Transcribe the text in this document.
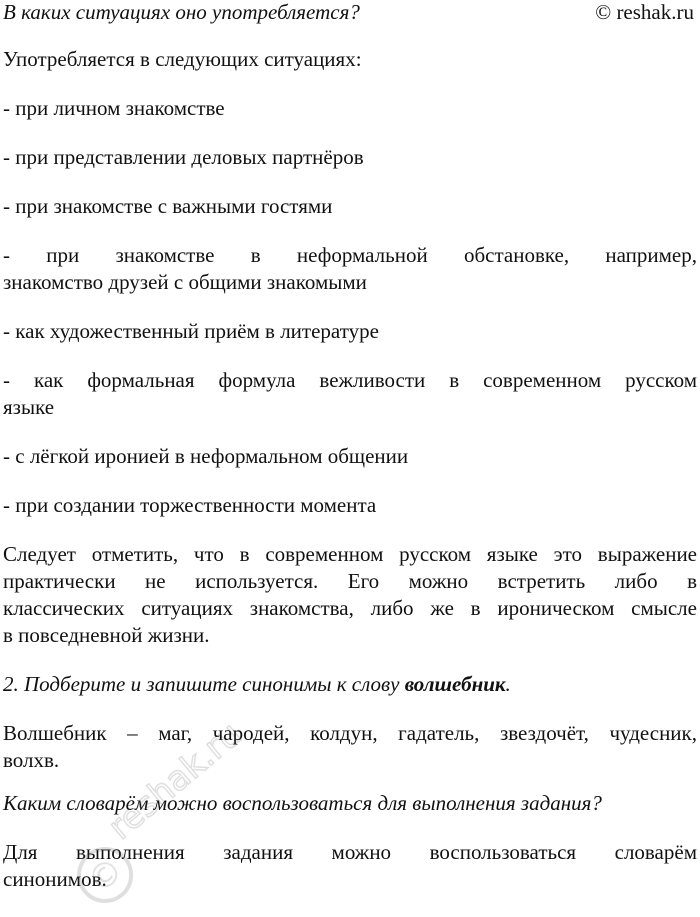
В каких ситуациях оно употребляется?	© reshak.ru

Употребляется в следующих ситуациях:

- при личном знакомстве

- при представлении деловых партнёров

- при знакомстве с важными гостями

- при знакомстве в неформальной обстановке, например,

знакомство друзей с общими знакомыми

- как художественный приём в литературе

- как формальная формула вежливости в современном русском

языке

- с лёгкой иронией в неформальном общении

- при создании торжественности момента

Следует отметить, что в современном русском языке это выражение

практически не используется. Его можно встретить либо в

классических ситуациях знакомства, либо же в ироническом смысле

в повседневной жизни.

2. Подберите и запишите синонимы к слову волшебник.

Волшебник – маг, чародей, колдун, гадатель, звездочёт, чудесник,

волхв.

Каким словарём можно воспользоваться для выполнения задания?

Для выполнения задания можно воспользоваться словарём

синонимов.

©
reshak.ru
